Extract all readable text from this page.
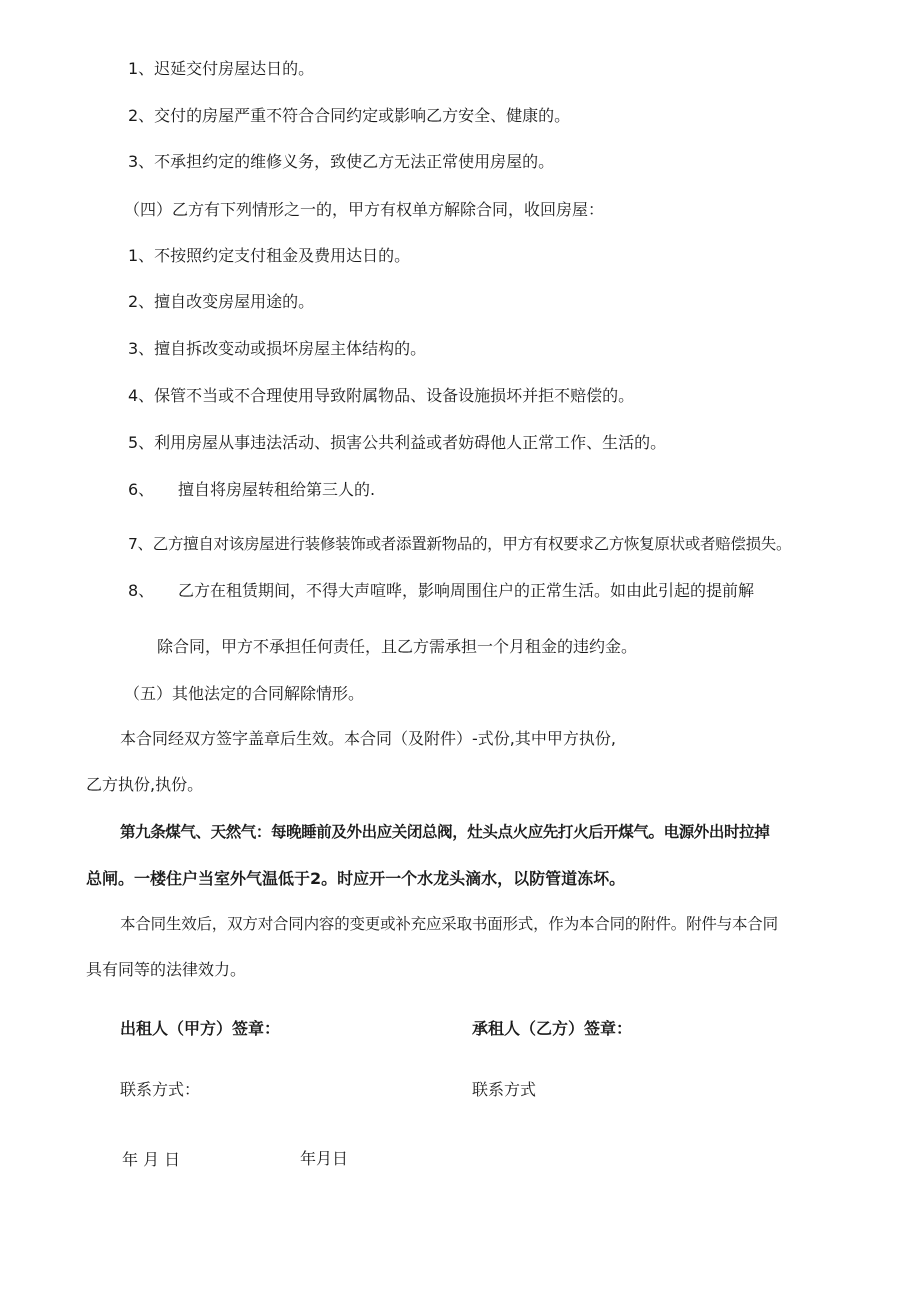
1、迟延交付房屋达日的。
2、交付的房屋严重不符合合同约定或影响乙方安全、健康的。
3、不承担约定的维修义务，致使乙方无法正常使用房屋的。
（四）乙方有下列情形之一的，甲方有权单方解除合同，收回房屋：
1、不按照约定支付租金及费用达日的。
2、擅自改变房屋用途的。
3、擅自拆改变动或损坏房屋主体结构的。
4、保管不当或不合理使用导致附属物品、设备设施损坏并拒不赔偿的。
5、利用房屋从事违法活动、损害公共利益或者妨碍他人正常工作、生活的。
6、 擅自将房屋转租给第三人的.
7、乙方擅自对该房屋进行装修装饰或者添置新物品的，甲方有权要求乙方恢复原状或者赔偿损失。
8、 乙方在租赁期间，不得大声喧哗，影响周围住户的正常生活。如由此引起的提前解
除合同，甲方不承担任何责任，且乙方需承担一个月租金的违约金。
（五）其他法定的合同解除情形。
本合同经双方签字盖章后生效。本合同（及附件）-式份,其中甲方执份,
乙方执份,执份。
第九条煤气、天然气：每晚睡前及外出应关闭总阀，灶头点火应先打火后开煤气。电源外出时拉掉
总闸。一楼住户当室外气温低于2。时应开一个水龙头滴水，以防管道冻坏。
本合同生效后，双方对合同内容的变更或补充应采取书面形式，作为本合同的附件。附件与本合同
具有同等的法律效力。
出租人（甲方）签章：	承租人（乙方）签章：
联系方式：	联系方式
年 月 日	年月日
